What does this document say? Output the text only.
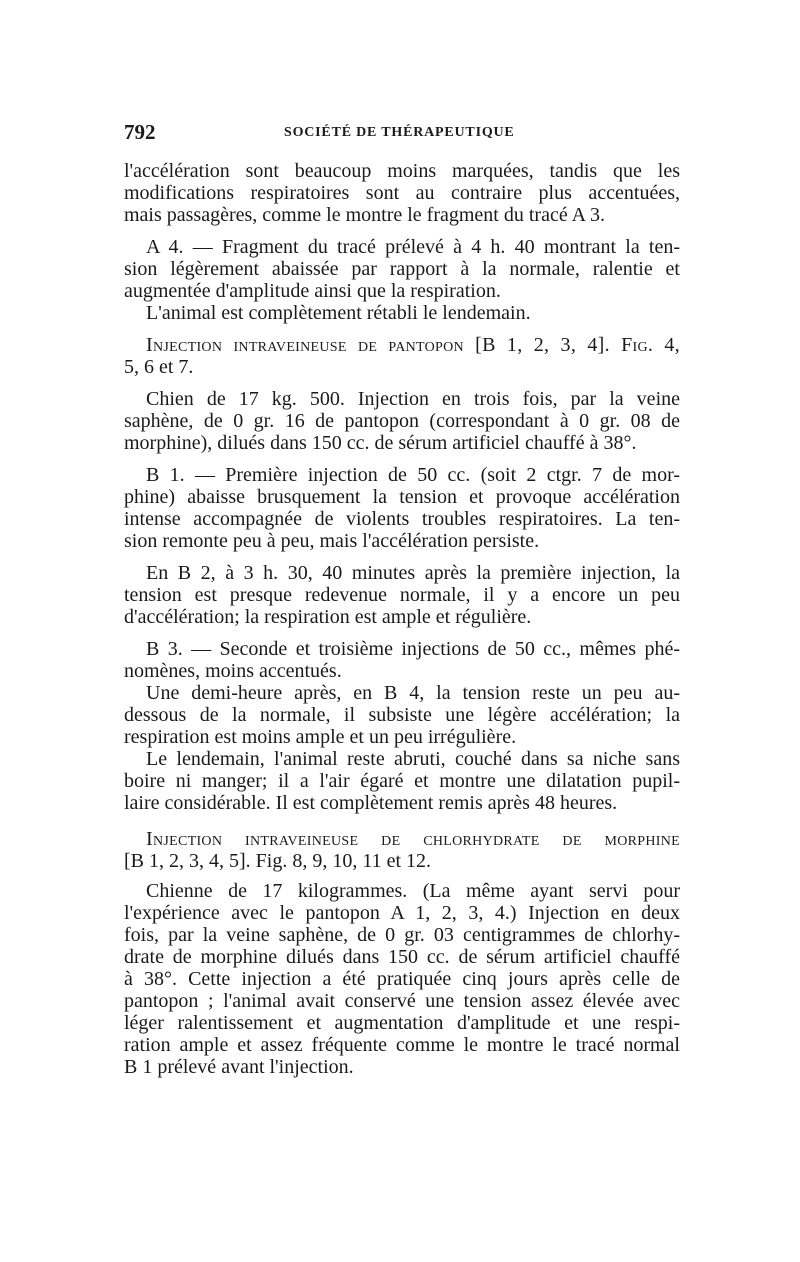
792	SOCIÉTÉ DE THÉRAPEUTIQUE

l'accélération sont beaucoup moins marquées, tandis que les

modifications respiratoires sont au contraire plus accentuées,

mais passagères, comme le montre le fragment du tracé A 3.

A 4. — Fragment du tracé prélevé à 4 h. 40 montrant la ten-

sion légèrement abaissée par rapport à la normale, ralentie et

augmentée d'amplitude ainsi que la respiration.

L'animal est complètement rétabli le lendemain.

Injection intraveineuse de pantopon [B 1, 2, 3, 4]. Fig. 4,

5, 6 et 7.

Chien de 17 kg. 500. Injection en trois fois, par la veine

saphène, de 0 gr. 16 de pantopon (correspondant à 0 gr. 08 de

morphine), dilués dans 150 cc. de sérum artificiel chauffé à 38°.

B 1. — Première injection de 50 cc. (soit 2 ctgr. 7 de mor-

phine) abaisse brusquement la tension et provoque accélération

intense accompagnée de violents troubles respiratoires. La ten-

sion remonte peu à peu, mais l'accélération persiste.

En B 2, à 3 h. 30, 40 minutes après la première injection, la

tension est presque redevenue normale, il y a encore un peu

d'accélération; la respiration est ample et régulière.

B 3. — Seconde et troisième injections de 50 cc., mêmes phé-

nomènes, moins accentués.

Une demi-heure après, en B 4, la tension reste un peu au-

dessous de la normale, il subsiste une légère accélération; la

respiration est moins ample et un peu irrégulière.

Le lendemain, l'animal reste abruti, couché dans sa niche sans

boire ni manger; il a l'air égaré et montre une dilatation pupil-

laire considérable. Il est complètement remis après 48 heures.

Injection intraveineuse de chlorhydrate de morphine

[B 1, 2, 3, 4, 5]. Fig. 8, 9, 10, 11 et 12.

Chienne de 17 kilogrammes. (La même ayant servi pour

l'expérience avec le pantopon A 1, 2, 3, 4.) Injection en deux

fois, par la veine saphène, de 0 gr. 03 centigrammes de chlorhy-

drate de morphine dilués dans 150 cc. de sérum artificiel chauffé

à 38°. Cette injection a été pratiquée cinq jours après celle de

pantopon ; l'animal avait conservé une tension assez élevée avec

léger ralentissement et augmentation d'amplitude et une respi-

ration ample et assez fréquente comme le montre le tracé normal

B 1 prélevé avant l'injection.
